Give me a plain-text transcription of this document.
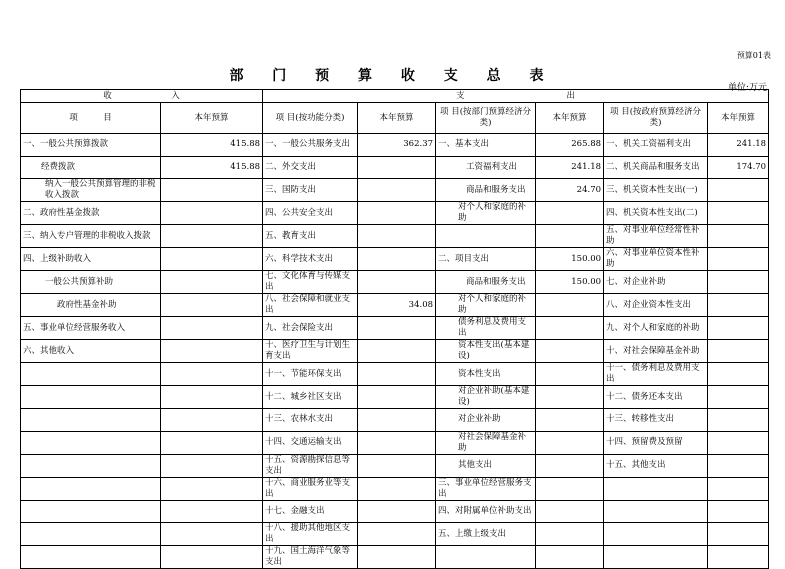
预算01表
部 门 预 算 收 支 总 表
单位:万元
收　　　　　　　入		支　　　　　　　　　　　　出					
项　　　目	本年预算	项 目(按功能分类)	本年预算	项 目(按部门预算经济分类)	本年预算	项 目(按政府预算经济分类)	本年预算
一、一般公共预算拨款	415.88	一、一般公共服务支出	362.37	一、基本支出	265.88	一、机关工资福利支出	241.18
经费拨款	415.88	二、外交支出		工资福利支出	241.18	二、机关商品和服务支出	174.70
纳入一般公共预算管理的非税收入拨款		三、国防支出		商品和服务支出	24.70	三、机关资本性支出(一)	
二、政府性基金拨款		四、公共安全支出		对个人和家庭的补助		四、机关资本性支出(二)	
三、纳入专户管理的非税收入拨款		五、教育支出				五、对事业单位经常性补助	
四、上级补助收入		六、科学技术支出		二、项目支出	150.00	六、对事业单位资本性补助	
一般公共预算补助		七、文化体育与传媒支出		商品和服务支出	150.00	七、对企业补助	
政府性基金补助		八、社会保障和就业支出	34.08	对个人和家庭的补助		八、对企业资本性支出	
五、事业单位经营服务收入		九、社会保险支出		债务利息及费用支出		九、对个人和家庭的补助	
六、其他收入		十、医疗卫生与计划生育支出		资本性支出(基本建设)		十、对社会保障基金补助	
		十一、节能环保支出		资本性支出		十一、债务利息及费用支出	
		十二、城乡社区支出		对企业补助(基本建设)		十二、债务还本支出	
		十三、农林水支出		对企业补助		十三、转移性支出	
		十四、交通运输支出		对社会保障基金补助		十四、预留费及预留	
		十五、资源勘探信息等支出		其他支出		十五、其他支出	
		十六、商业服务业等支出		三、事业单位经营服务支出			
		十七、金融支出		四、对附属单位补助支出			
		十八、援助其他地区支出		五、上缴上级支出			
		十九、国土海洋气象等支出					
